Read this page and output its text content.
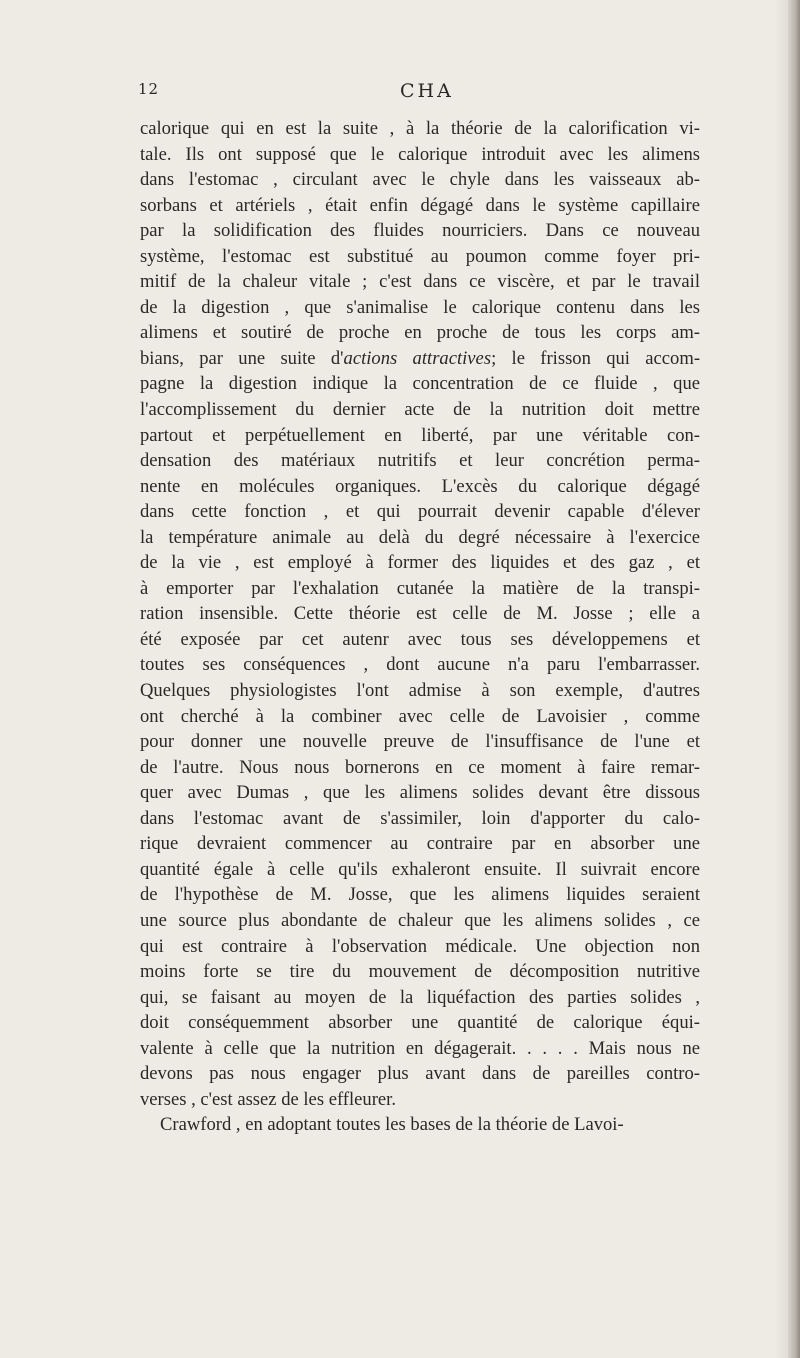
12	CHA
calorique qui en est la suite , à la théorie de la calorification vi-
tale. Ils ont supposé que le calorique introduit avec les alimens
dans l'estomac , circulant avec le chyle dans les vaisseaux ab-
sorbans et artériels , était enfin dégagé dans le système capillaire
par la solidification des fluides nourriciers. Dans ce nouveau
système, l'estomac est substitué au poumon comme foyer pri-
mitif de la chaleur vitale ; c'est dans ce viscère, et par le travail
de la digestion , que s'animalise le calorique contenu dans les
alimens et soutiré de proche en proche de tous les corps am-
bians, par une suite d'actions attractives; le frisson qui accom-
pagne la digestion indique la concentration de ce fluide , que
l'accomplissement du dernier acte de la nutrition doit mettre
partout et perpétuellement en liberté, par une véritable con-
densation des matériaux nutritifs et leur concrétion perma-
nente en molécules organiques. L'excès du calorique dégagé
dans cette fonction , et qui pourrait devenir capable d'élever
la température animale au delà du degré nécessaire à l'exercice
de la vie , est employé à former des liquides et des gaz , et
à emporter par l'exhalation cutanée la matière de la transpi-
ration insensible. Cette théorie est celle de M. Josse ; elle a
été exposée par cet autenr avec tous ses développemens et
toutes ses conséquences , dont aucune n'a paru l'embarrasser.
Quelques physiologistes l'ont admise à son exemple, d'autres
ont cherché à la combiner avec celle de Lavoisier , comme
pour donner une nouvelle preuve de l'insuffisance de l'une et
de l'autre. Nous nous bornerons en ce moment à faire remar-
quer avec Dumas , que les alimens solides devant être dissous
dans l'estomac avant de s'assimiler, loin d'apporter du calo-
rique devraient commencer au contraire par en absorber une
quantité égale à celle qu'ils exhaleront ensuite. Il suivrait encore
de l'hypothèse de M. Josse, que les alimens liquides seraient
une source plus abondante de chaleur que les alimens solides , ce
qui est contraire à l'observation médicale. Une objection non
moins forte se tire du mouvement de décomposition nutritive
qui, se faisant au moyen de la liquéfaction des parties solides ,
doit conséquemment absorber une quantité de calorique équi-
valente à celle que la nutrition en dégagerait. . . . . Mais nous ne
devons pas nous engager plus avant dans de pareilles contro-
verses , c'est assez de les effleurer.
Crawford , en adoptant toutes les bases de la théorie de Lavoi-
